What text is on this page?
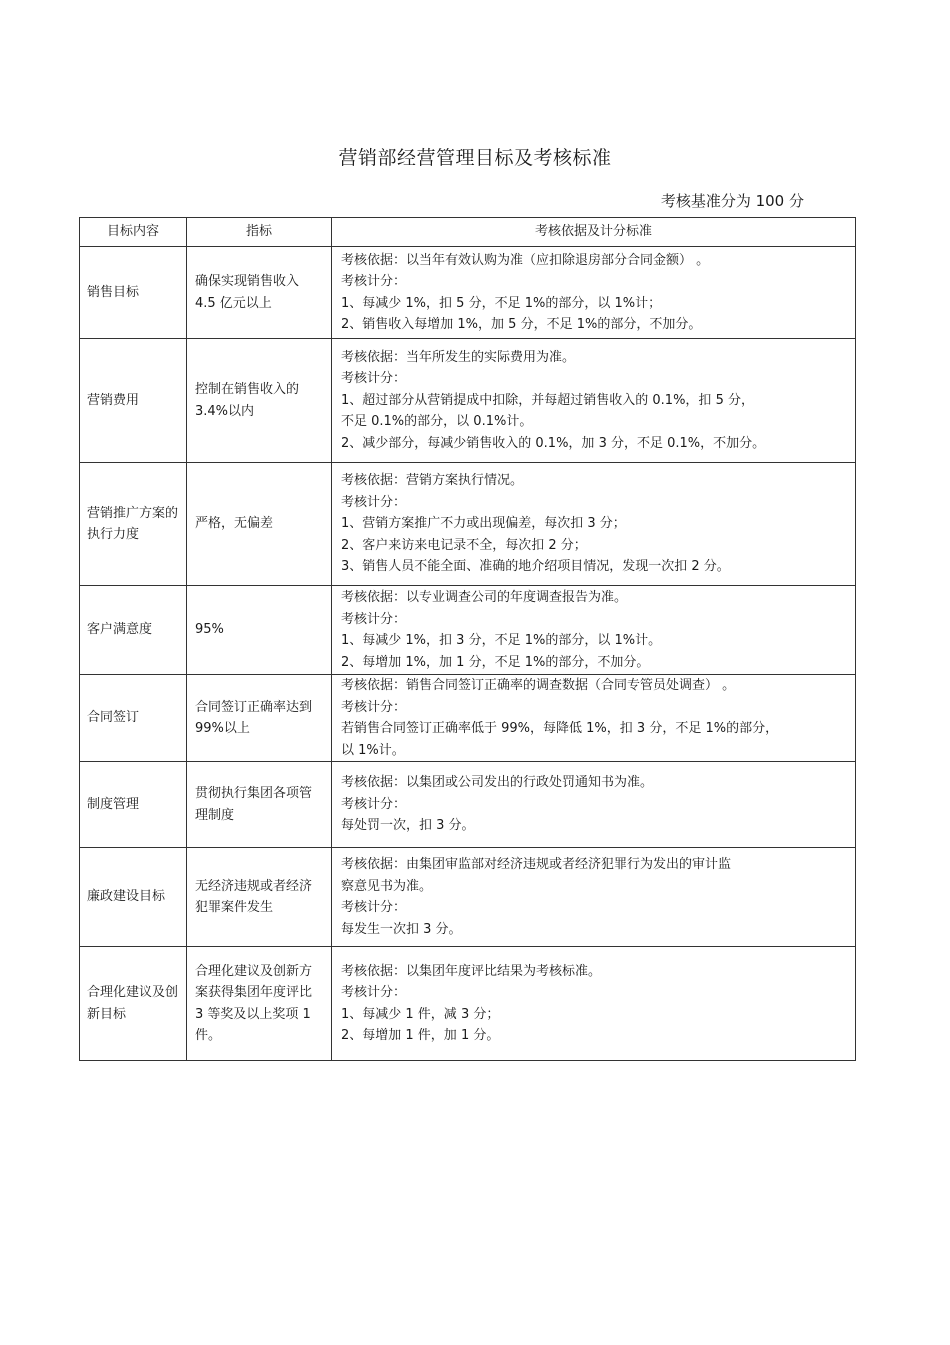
营销部经营管理目标及考核标准
考核基准分为 100 分
目标内容	指标	考核依据及计分标准
销售目标	确保实现销售收入 4.5 亿元以上	考核依据：以当年有效认购为准（应扣除退房部分合同金额） 。
考核计分：
1、每减少 1%，扣 5 分，不足 1%的部分，以 1%计；
2、销售收入每增加 1%，加 5 分，不足 1%的部分，不加分。

营销费用	控制在销售收入的 3.4%以内	考核依据：当年所发生的实际费用为准。
考核计分：
1、超过部分从营销提成中扣除，并每超过销售收入的 0.1%，扣 5 分，
不足 0.1%的部分，以 0.1%计。
2、减少部分，每减少销售收入的 0.1%，加 3 分，不足 0.1%，不加分。

营销推广方案的执行力度	严格，无偏差	考核依据：营销方案执行情况。
考核计分：
1、营销方案推广不力或出现偏差，每次扣 3 分；
2、客户来访来电记录不全，每次扣 2 分；
3、销售人员不能全面、准确的地介绍项目情况，发现一次扣 2 分。

客户满意度	95%	考核依据：以专业调查公司的年度调查报告为准。
考核计分：
1、每减少 1%，扣 3 分，不足 1%的部分，以 1%计。
2、每增加 1%，加 1 分，不足 1%的部分，不加分。

合同签订	合同签订正确率达到 99%以上	考核依据：销售合同签订正确率的调查数据（合同专管员处调查） 。
考核计分：
若销售合同签订正确率低于 99%，每降低 1%，扣 3 分，不足 1%的部分，
以 1%计。

制度管理	贯彻执行集团各项管理制度	考核依据：以集团或公司发出的行政处罚通知书为准。
考核计分：
每处罚一次，扣 3 分。

廉政建设目标	无经济违规或者经济犯罪案件发生	考核依据：由集团审监部对经济违规或者经济犯罪行为发出的审计监
察意见书为准。
考核计分：
每发生一次扣 3 分。

合理化建议及创新目标	合理化建议及创新方案获得集团年度评比 3 等奖及以上奖项 1 件。	考核依据：以集团年度评比结果为考核标准。
考核计分：
1、每减少 1 件，减 3 分；
2、每增加 1 件，加 1 分。
